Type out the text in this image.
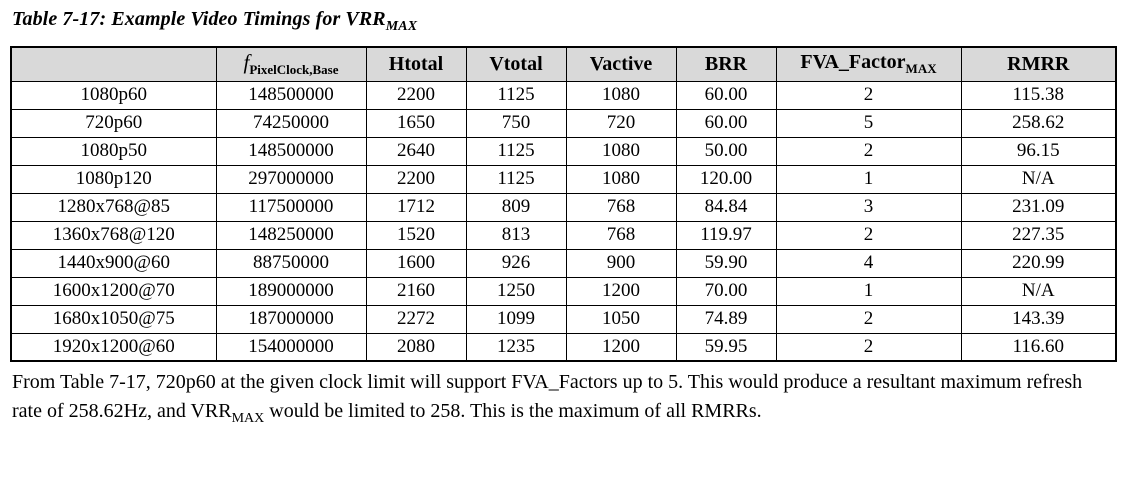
Table 7-17: Example Video Timings for $VRR_{MAX}$
	$f_{PixelClock,Base}$	Htotal	Vtotal	Vactive	BRR	FVA_Factor$_{MAX}$	RMRR
1080p60	148500000	2200	1125	1080	60.00	2	115.38
720p60	74250000	1650	750	720	60.00	5	258.62
1080p50	148500000	2640	1125	1080	50.00	2	96.15
1080p120	297000000	2200	1125	1080	120.00	1	N/A
1280x768@85	117500000	1712	809	768	84.84	3	231.09
1360x768@120	148250000	1520	813	768	119.97	2	227.35
1440x900@60	88750000	1600	926	900	59.90	4	220.99
1600x1200@70	189000000	2160	1250	1200	70.00	1	N/A
1680x1050@75	187000000	2272	1099	1050	74.89	2	143.39
1920x1200@60	154000000	2080	1235	1200	59.95	2	116.60

From Table 7-17, 720p60 at the given clock limit will support FVA_Factors up to 5. This would produce a resultant maximum refresh rate of 258.62Hz, and $VRR_{MAX}$ would be limited to 258. This is the maximum of all RMRRs.
